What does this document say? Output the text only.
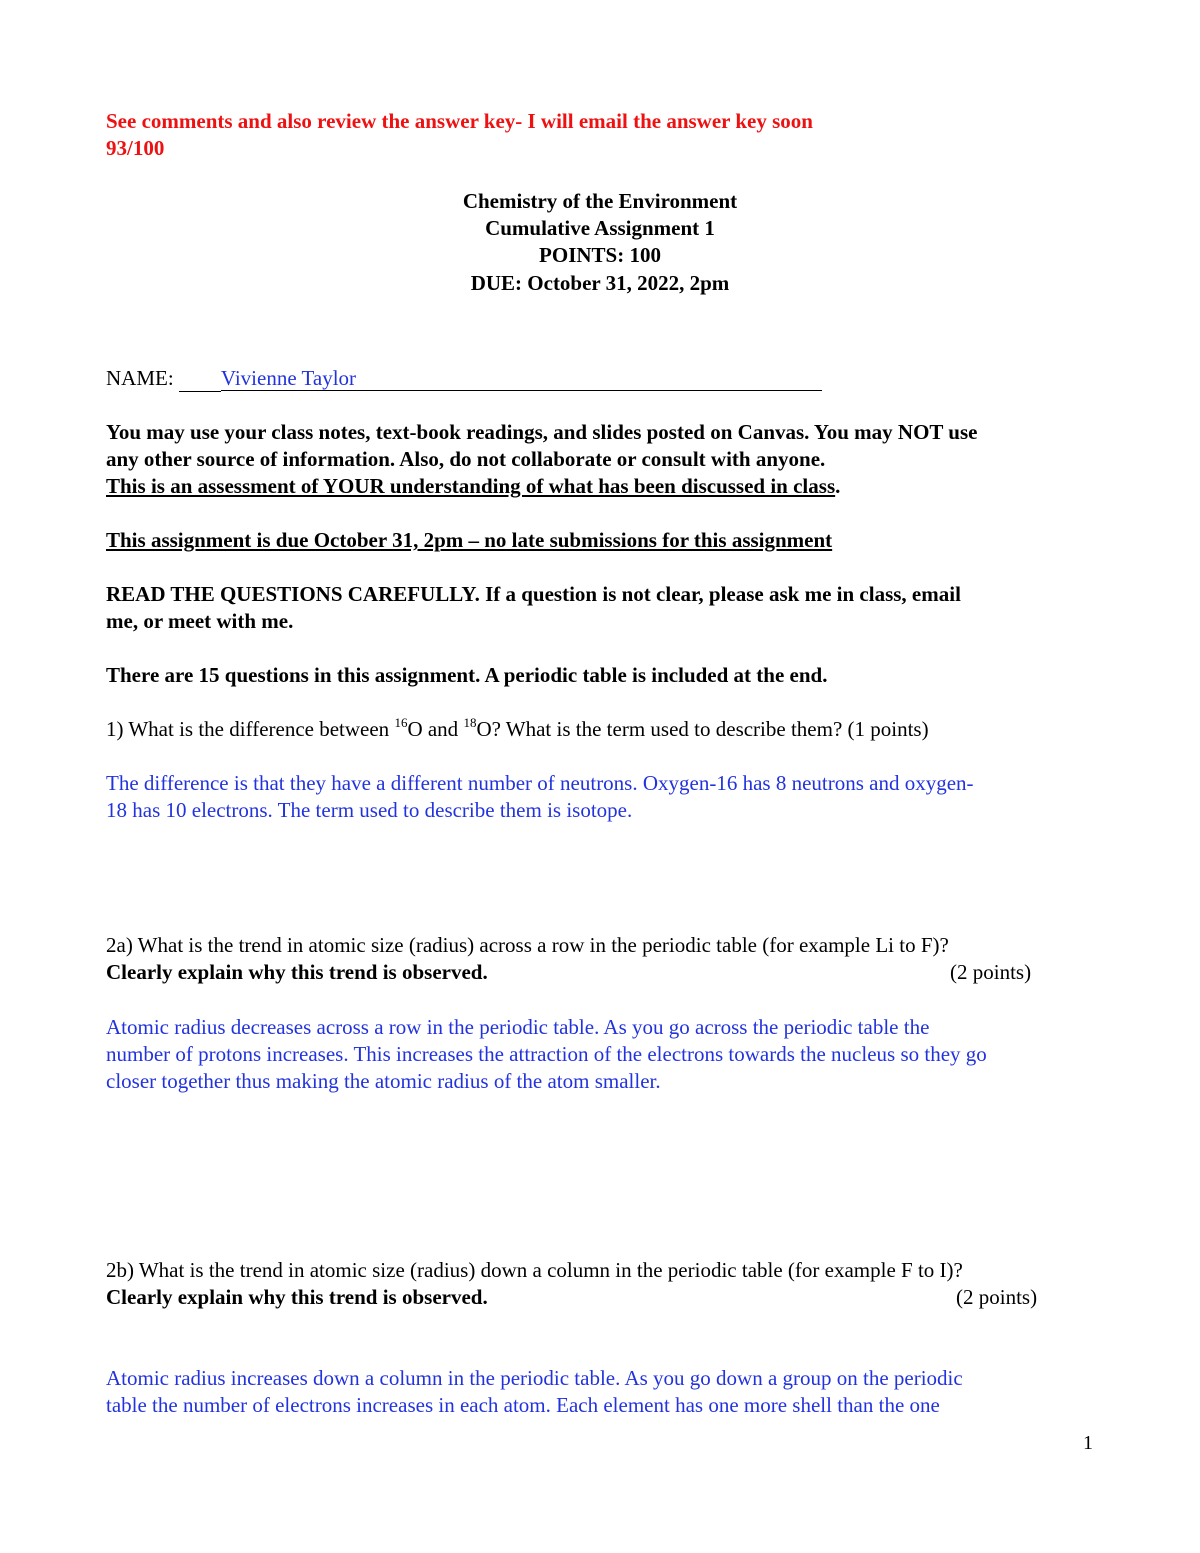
See comments and also review the answer key- I will email the answer key soon
93/100
Chemistry of the Environment
Cumulative Assignment 1
POINTS: 100
DUE: October 31, 2022, 2pm
NAME: Vivienne Taylor
You may use your class notes, text-book readings, and slides posted on Canvas. You may NOT use
any other source of information. Also, do not collaborate or consult with anyone.
This is an assessment of YOUR understanding of what has been discussed in class.
This assignment is due October 31, 2pm – no late submissions for this assignment
READ THE QUESTIONS CAREFULLY. If a question is not clear, please ask me in class, email
me, or meet with me.
There are 15 questions in this assignment. A periodic table is included at the end.
1) What is the difference between $^{16}$O and $^{18}$O? What is the term used to describe them? (1 points)
The difference is that they have a different number of neutrons. Oxygen-16 has 8 neutrons and oxygen-
18 has 10 electrons. The term used to describe them is isotope.
2a) What is the trend in atomic size (radius) across a row in the periodic table (for example Li to F)?
Clearly explain why this trend is observed.	(2 points)
Atomic radius decreases across a row in the periodic table. As you go across the periodic table the
number of protons increases. This increases the attraction of the electrons towards the nucleus so they go
closer together thus making the atomic radius of the atom smaller.
2b) What is the trend in atomic size (radius) down a column in the periodic table (for example F to I)?
Clearly explain why this trend is observed.	(2 points)
Atomic radius increases down a column in the periodic table. As you go down a group on the periodic
table the number of electrons increases in each atom. Each element has one more shell than the one
1
